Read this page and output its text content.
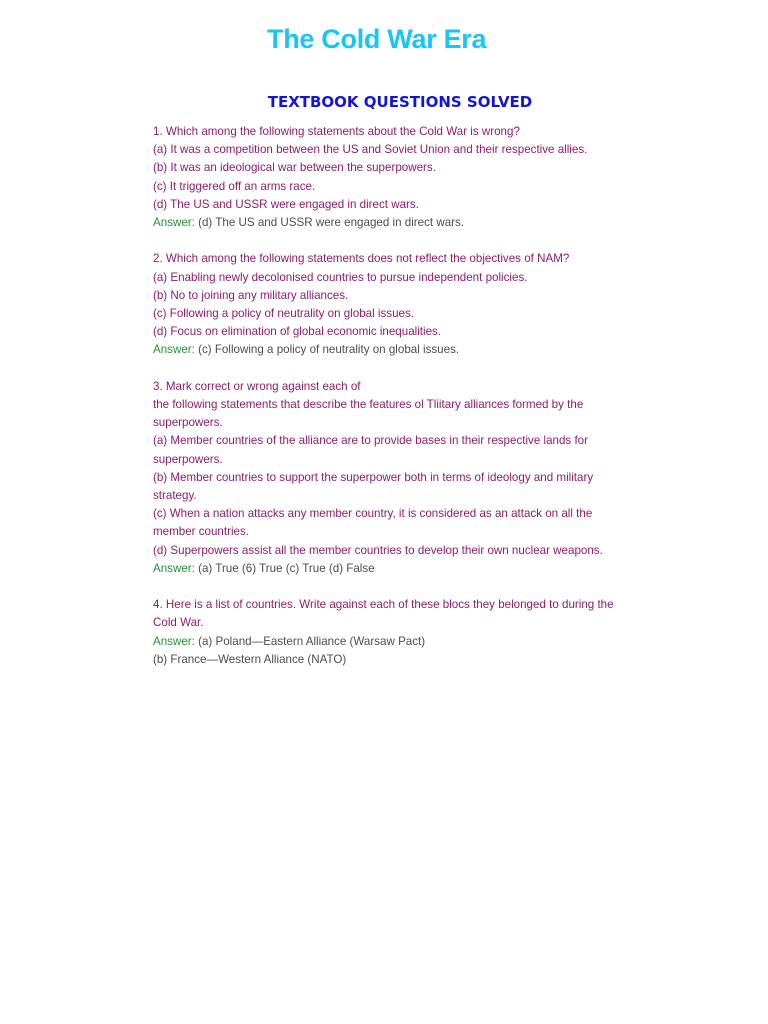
The Cold War Era
TEXTBOOK QUESTIONS SOLVED
1. Which among the following statements about the Cold War is wrong?
(a) It was a competition between the US and Soviet Union and their respective allies.
(b) It was an ideological war between the superpowers.
(c) It triggered off an arms race.
(d) The US and USSR were engaged in direct wars.
Answer: (d) The US and USSR were engaged in direct wars.
2. Which among the following statements does not reflect the objectives of NAM?
(a) Enabling newly decolonised countries to pursue independent policies.
(b) No to joining any military alliances.
(c) Following a policy of neutrality on global issues.
(d) Focus on elimination of global economic inequalities.
Answer: (c) Following a policy of neutrality on global issues.
3. Mark correct or wrong against each of
the following statements that describe the features ol Tliitary alliances formed by the superpowers.
(a) Member countries of the alliance are to provide bases in their respective lands for superpowers.
(b) Member countries to support the superpower both in terms of ideology and military strategy.
(c) When a nation attacks any member country, it is considered as an attack on all the member countries.
(d) Superpowers assist all the member countries to develop their own nuclear weapons.
Answer: (a) True (6) True (c) True (d) False
4. Here is a list of countries. Write against each of these blocs they belonged to during the Cold War.
Answer: (a) Poland—Eastern Alliance (Warsaw Pact)
(b) France—Western Alliance (NATO)
